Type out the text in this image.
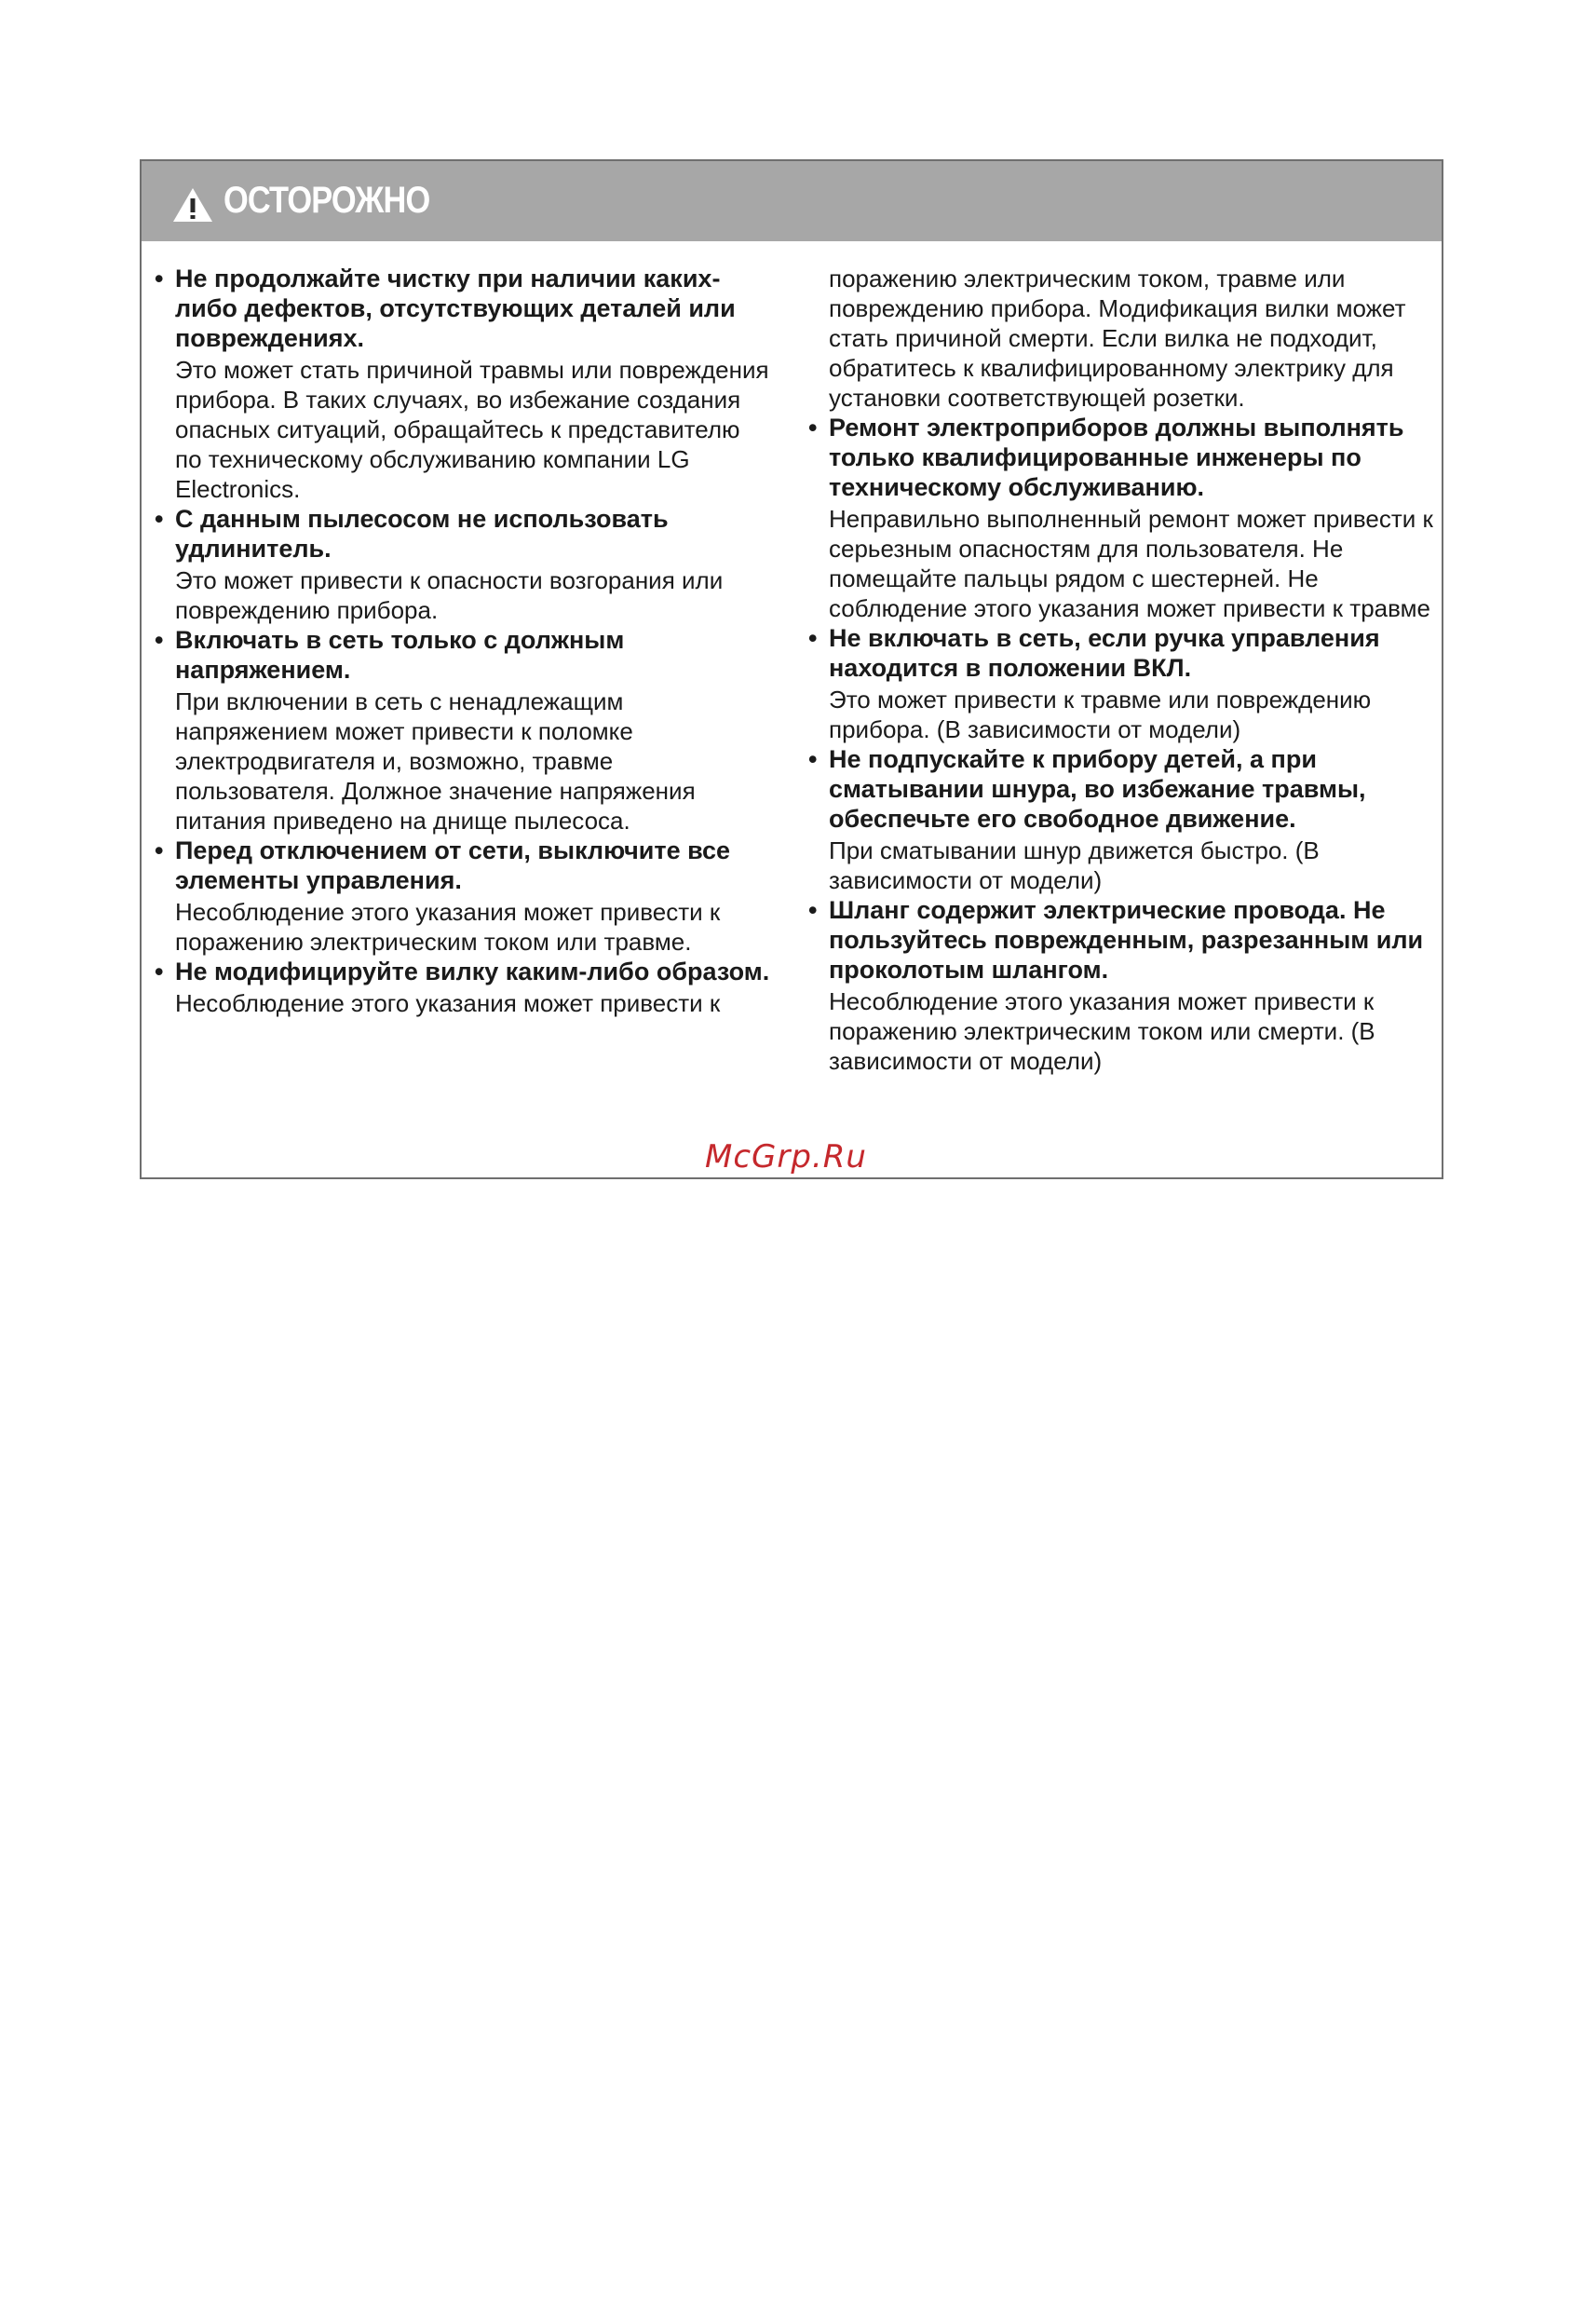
ОСТОРОЖНО
• Не продолжайте чистку при наличии каких-либо дефектов, отсутствующих деталей или повреждениях.
Это может стать причиной травмы или повреждения прибора. В таких случаях, во избежание создания опасных ситуаций, обращайтесь к представителю по техническому обслуживанию компании LG Electronics.
• С данным пылесосом не использовать удлинитель.
Это может привести к опасности возгорания или повреждению прибора.
• Включать в сеть только с должным напряжением.
При включении в сеть с ненадлежащим напряжением может привести к поломке электродвигателя и, возможно, травме пользователя. Должное значение напряжения питания приведено на днище пылесоса.
• Перед отключением от сети, выключите все элементы управления.
Несоблюдение этого указания может привести к поражению электрическим током или травме.
• Не модифицируйте вилку каким-либо образом.
Несоблюдение этого указания может привести к
поражению электрическим током, травме или повреждению прибора. Модификация вилки может стать причиной смерти. Если вилка не подходит, обратитесь к квалифицированному электрику для установки соответствующей розетки.
• Ремонт электроприборов должны выполнять только квалифицированные инженеры по техническому обслуживанию.
Неправильно выполненный ремонт может привести к серьезным опасностям для пользователя. Не помещайте пальцы рядом с шестерней. Не соблюдение этого указания может привести к травме
• Не включать в сеть, если ручка управления находится в положении ВКЛ.
Это может привести к травме или повреждению прибора. (В зависимости от модели)
• Не подпускайте к прибору детей, а при сматывании шнура, во избежание травмы, обеспечьте его свободное движение.
При сматывании шнур движется быстро. (В зависимости от модели)
• Шланг содержит электрические провода. Не пользуйтесь поврежденным, разрезанным или проколотым шлангом.
Несоблюдение этого указания может привести к поражению электрическим током или смерти. (В зависимости от модели)
McGrp.Ru
